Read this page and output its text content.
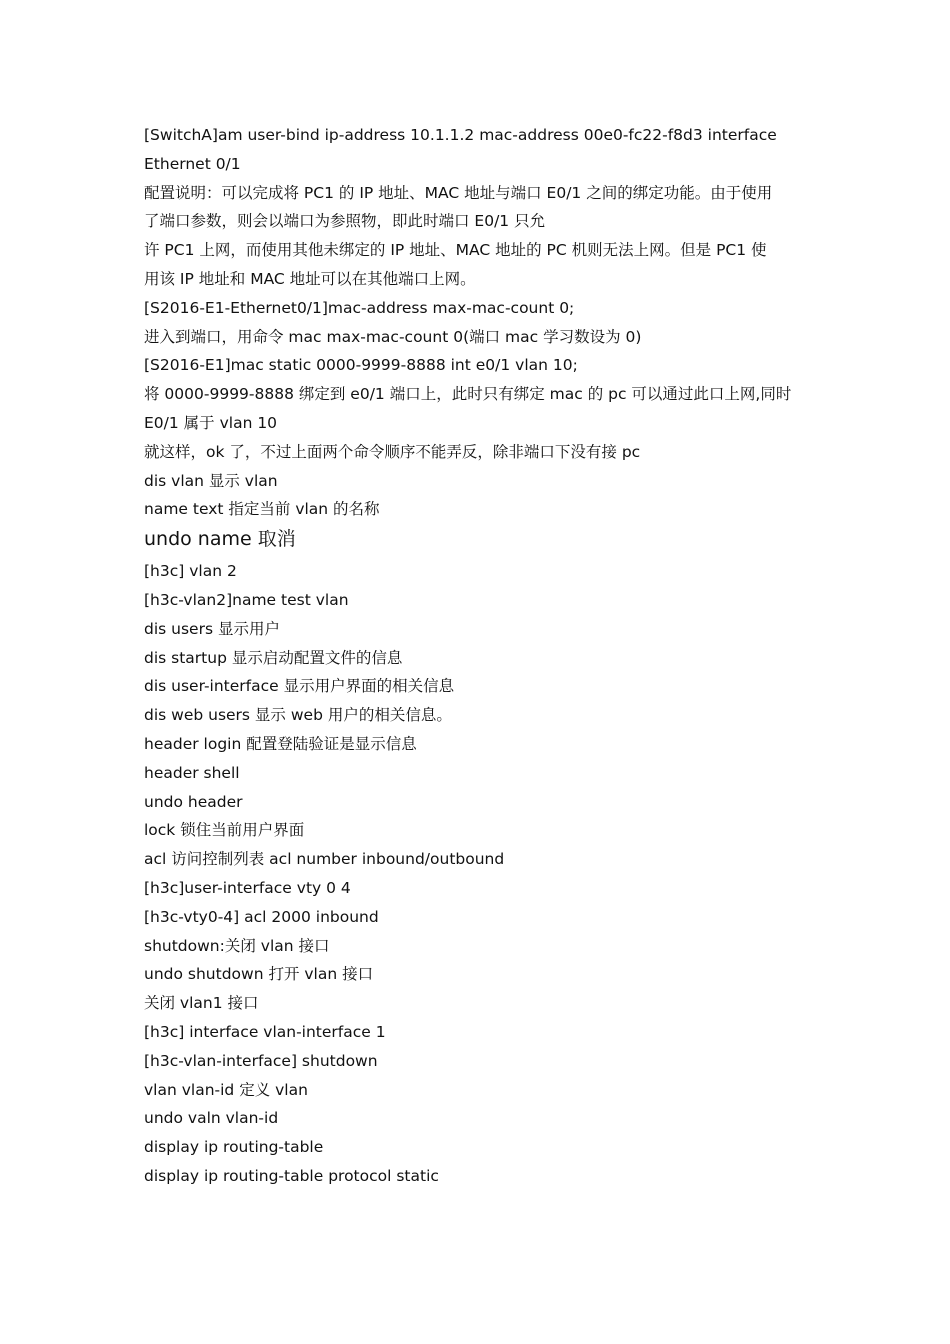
[SwitchA]am user-bind ip-address 10.1.1.2 mac-address 00e0-fc22-f8d3 interface

Ethernet 0/1

配置说明：可以完成将 PC1 的 IP 地址、MAC 地址与端口 E0/1 之间的绑定功能。由于使用

了端口参数，则会以端口为参照物，即此时端口 E0/1 只允

许 PC1 上网，而使用其他未绑定的 IP 地址、MAC 地址的 PC 机则无法上网。但是 PC1 使

用该 IP 地址和 MAC 地址可以在其他端口上网。

[S2016-E1-Ethernet0/1]mac-address max-mac-count 0;

进入到端口，用命令 mac max-mac-count 0(端口 mac 学习数设为 0)

[S2016-E1]mac static 0000-9999-8888 int e0/1 vlan 10;

将 0000-9999-8888 绑定到 e0/1 端口上，此时只有绑定 mac 的 pc 可以通过此口上网,同时

E0/1 属于 vlan 10

就这样，ok 了，不过上面两个命令顺序不能弄反，除非端口下没有接 pc

dis vlan 显示 vlan

name text 指定当前 vlan 的名称

undo name 取消

[h3c] vlan 2

[h3c-vlan2]name test vlan

dis users 显示用户

dis startup 显示启动配置文件的信息

dis user-interface 显示用户界面的相关信息

dis web users 显示 web 用户的相关信息。

header login 配置登陆验证是显示信息

header shell

undo header

lock 锁住当前用户界面

acl 访问控制列表 acl number inbound/outbound

[h3c]user-interface vty 0 4

[h3c-vty0-4] acl 2000 inbound

shutdown:关闭 vlan 接口

undo shutdown 打开 vlan 接口

关闭 vlan1 接口

[h3c] interface vlan-interface 1

[h3c-vlan-interface] shutdown

vlan vlan-id 定义 vlan

undo valn vlan-id

display ip routing-table

display ip routing-table protocol static
